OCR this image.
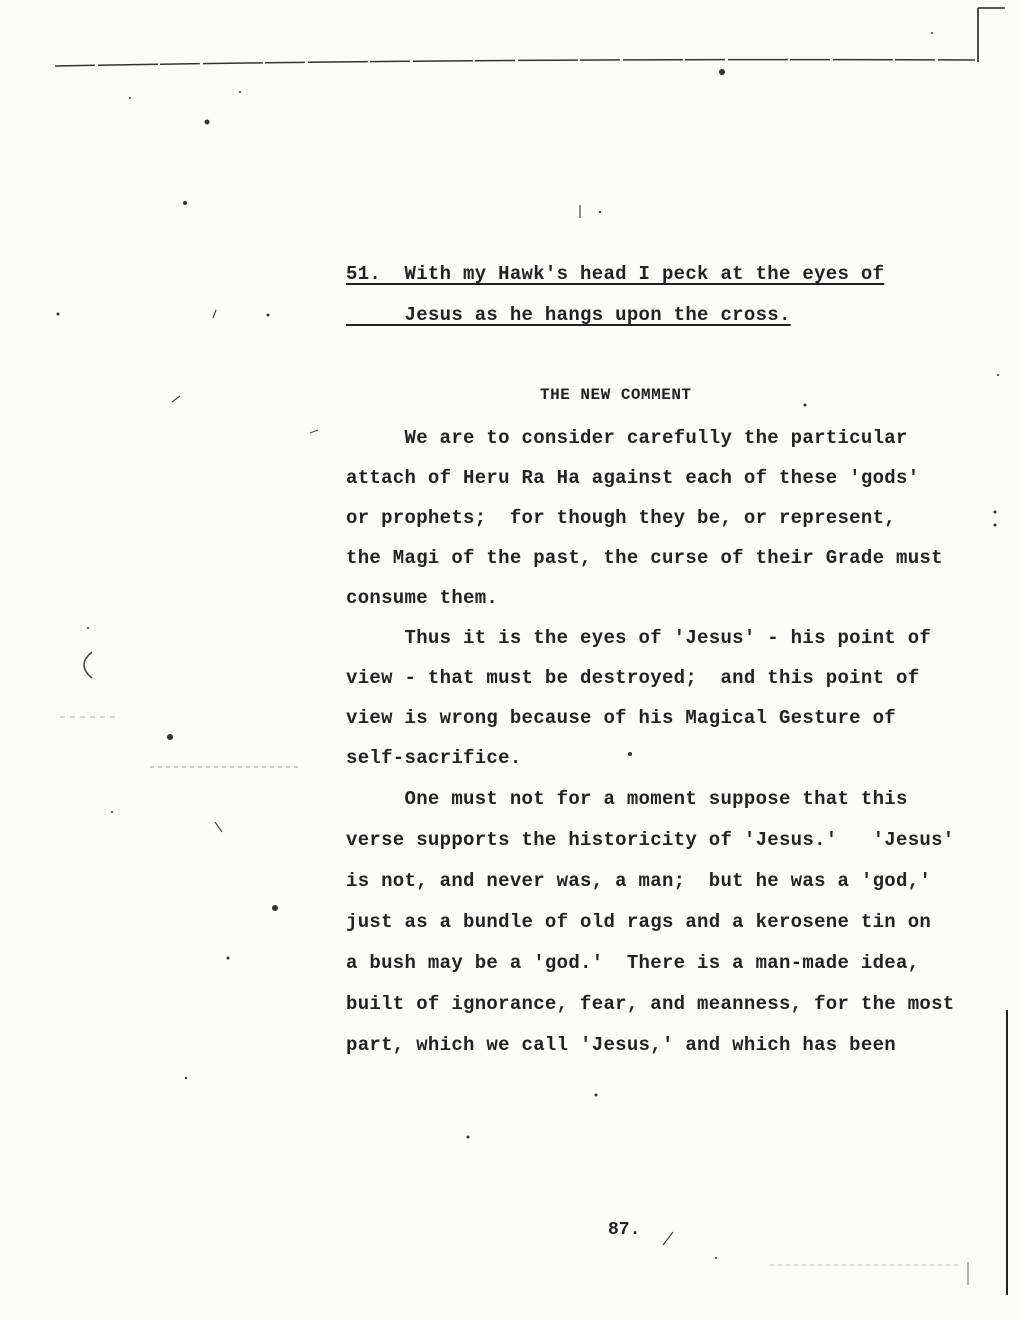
51.  With my Hawk's head I peck at the eyes of
Jesus as he hangs upon the cross.
THE NEW COMMENT
We are to consider carefully the particular
attach of Heru Ra Ha against each of these 'gods'
or prophets;  for though they be, or represent,
the Magi of the past, the curse of their Grade must
consume them.
Thus it is the eyes of 'Jesus' - his point of
view - that must be destroyed;  and this point of
view is wrong because of his Magical Gesture of
self-sacrifice.
One must not for a moment suppose that this
verse supports the historicity of 'Jesus.'   'Jesus'
is not, and never was, a man;  but he was a 'god,'
just as a bundle of old rags and a kerosene tin on
a bush may be a 'god.'  There is a man-made idea,
built of ignorance, fear, and meanness, for the most
part, which we call 'Jesus,' and which has been
87.
